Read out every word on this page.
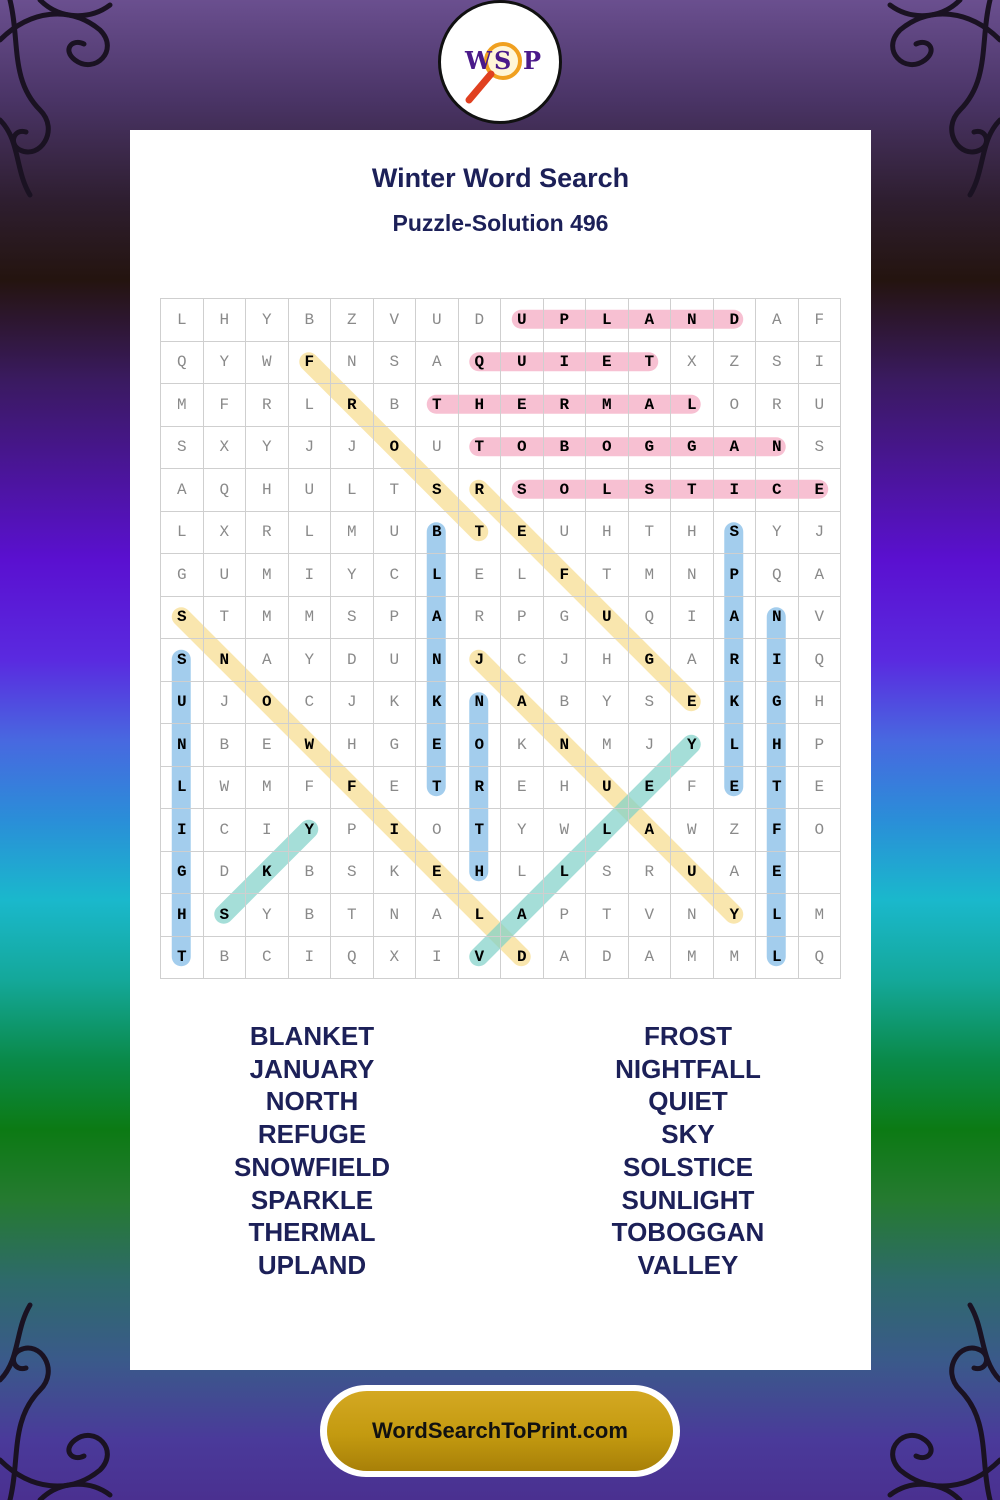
W S P
Winter Word Search
Puzzle-Solution 496
L	H	Y	B	Z	V	U	D	U	P	L	A	N	D	A	F
Q	Y	W	F	N	S	A	Q	U	I	E	T	X	Z	S	I
M	F	R	L	R	B	T	H	E	R	M	A	L	O	R	U
S	X	Y	J	J	O	U	T	O	B	O	G	G	A	N	S
A	Q	H	U	L	T	S	R	S	O	L	S	T	I	C	E
L	X	R	L	M	U	B	T	E	U	H	T	H	S	Y	J
G	U	M	I	Y	C	L	E	L	F	T	M	N	P	Q	A
S	T	M	M	S	P	A	R	P	G	U	Q	I	A	N	V
S	N	A	Y	D	U	N	J	C	J	H	G	A	R	I	Q
U	J	O	C	J	K	K	N	A	B	Y	S	E	K	G	H
N	B	E	W	H	G	E	O	K	N	M	J	Y	L	H	P
L	W	M	F	F	E	T	R	E	H	U	E	F	E	T	E
I	C	I	Y	P	I	O	T	Y	W	L	A	W	Z	F	O
G	D	K	B	S	K	E	H	L	L	S	R	U	A	E
H	S	Y	B	T	N	A	L	A	P	T	V	N	Y	L	M
T	B	C	I	Q	X	I	V	D	A	D	A	M	M	L	Q
BLANKET
JANUARY
NORTH
REFUGE
SNOWFIELD
SPARKLE
THERMAL
UPLAND
FROST
NIGHTFALL
QUIET
SKY
SOLSTICE
SUNLIGHT
TOBOGGAN
VALLEY
WordSearchToPrint.com
